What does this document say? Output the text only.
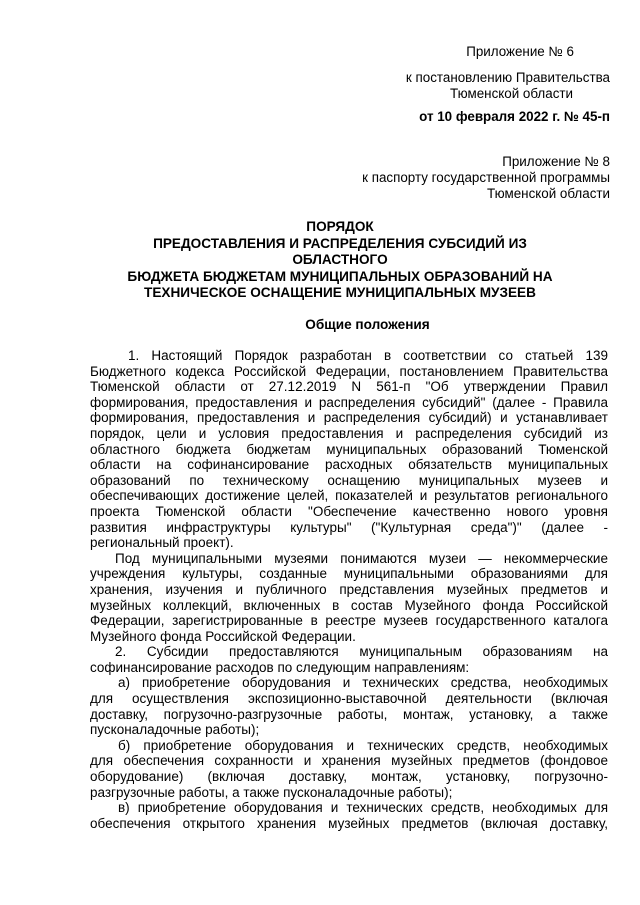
Приложение № 6
к постановлению Правительства
Тюменской области
от 10 февраля 2022 г. № 45-п
Приложение № 8
к паспорту государственной программы
Тюменской области
ПОРЯДОК
ПРЕДОСТАВЛЕНИЯ И РАСПРЕДЕЛЕНИЯ СУБСИДИЙ ИЗ
ОБЛАСТНОГО
БЮДЖЕТА БЮДЖЕТАМ МУНИЦИПАЛЬНЫХ ОБРАЗОВАНИЙ НА
ТЕХНИЧЕСКОЕ ОСНАЩЕНИЕ МУНИЦИПАЛЬНЫХ МУЗЕЕВ
Общие положения
1. Настоящий Порядок разработан в соответствии со статьей 139
Бюджетного кодекса Российской Федерации, постановлением Правительства
Тюменской области от 27.12.2019 N 561-п "Об утверждении Правил
формирования, предоставления и распределения субсидий" (далее - Правила
формирования, предоставления и распределения субсидий) и устанавливает
порядок, цели и условия предоставления и распределения субсидий из
областного бюджета бюджетам муниципальных образований Тюменской
области на софинансирование расходных обязательств муниципальных
образований по техническому оснащению муниципальных музеев и
обеспечивающих достижение целей, показателей и результатов регионального
проекта Тюменской области "Обеспечение качественно нового уровня
развития инфраструктуры культуры" ("Культурная среда")" (далее -
региональный проект).
Под муниципальными музеями понимаются музеи — некоммерческие
учреждения культуры, созданные муниципальными образованиями для
хранения, изучения и публичного представления музейных предметов и
музейных коллекций, включенных в состав Музейного фонда Российской
Федерации, зарегистрированные в реестре музеев государственного каталога
Музейного фонда Российской Федерации.
2. Субсидии предоставляются муниципальным образованиям на
софинансирование расходов по следующим направлениям:
а) приобретение оборудования и технических средства, необходимых
для осуществления экспозиционно-выставочной деятельности (включая
доставку, погрузочно-разгрузочные работы, монтаж, установку, а также
пусконаладочные работы);
б) приобретение оборудования и технических средств, необходимых
для обеспечения сохранности и хранения музейных предметов (фондовое
оборудование) (включая доставку, монтаж, установку, погрузочно-
разгрузочные работы, а также пусконаладочные работы);
в) приобретение оборудования и технических средств, необходимых для
обеспечения открытого хранения музейных предметов (включая доставку,
